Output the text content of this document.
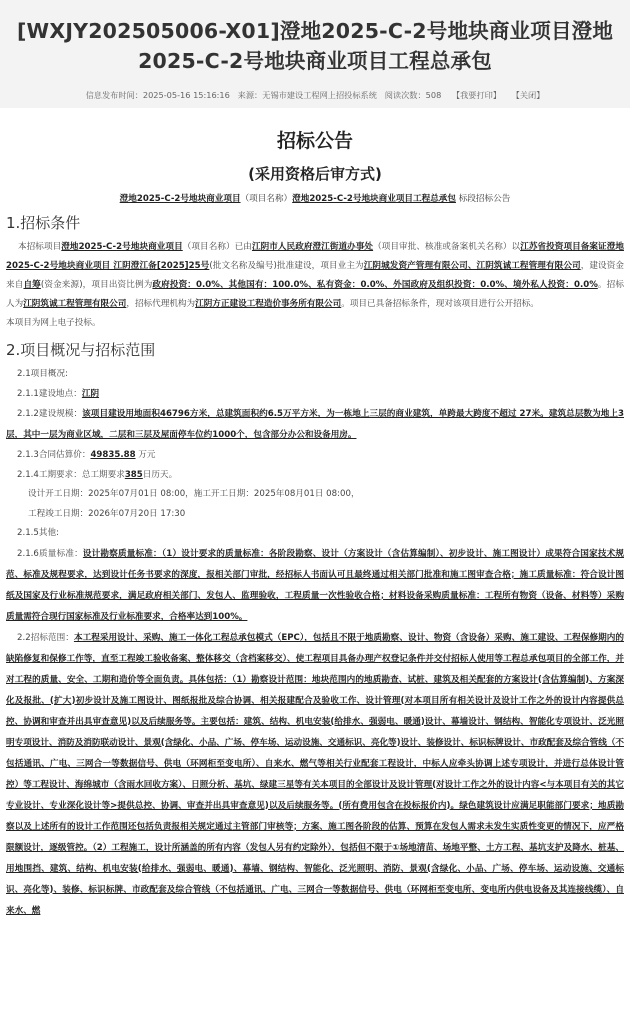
[WXJY202505006-X01]澄地2025-C-2号地块商业项目澄地2025-C-2号地块商业项目工程总承包
信息发布时间：2025-05-16 15:16:16 来源：无锡市建设工程网上招投标系统 阅读次数：508 【我要打印】 【关闭】
招标公告
(采用资格后审方式)
澄地2025-C-2号地块商业项目（项目名称）澄地2025-C-2号地块商业项目工程总承包 标段招标公告
1.招标条件
本招标项目澄地2025-C-2号地块商业项目（项目名称）已由江阴市人民政府澄江街道办事处（项目审批、核准或备案机关名称）以江苏省投资项目备案证澄地2025-C-2号地块商业项目 江阴澄江备[2025]25号(批文名称及编号)批准建设，项目业主为江阴城发资产管理有限公司、江阴筑诚工程管理有限公司，建设资金来自自筹(资金来源)，项目出资比例为政府投资：0.0%、其他国有：100.0%、私有资金：0.0%、外国政府及组织投资：0.0%、境外私人投资：0.0%。招标人为江阴筑诚工程管理有限公司，招标代理机构为江阴方正建设工程造价事务所有限公司。项目已具备招标条件，现对该项目进行公开招标。
本项目为网上电子投标。
2.项目概况与招标范围
2.1项目概况:
2.1.1建设地点：江阴
2.1.2建设规模：该项目建设用地面积46796方米，总建筑面积约6.5万平方米，为一栋地上三层的商业建筑，单跨最大跨度不超过 27米。建筑总层数为地上3层，其中一层为商业区域，二层和三层及屋面停车位约1000个，包含部分办公和设备用房。
2.1.3合同估算价：49835.88 万元
2.1.4工期要求：总工期要求385日历天。
设计开工日期：2025年07月01日 08:00，施工开工日期：2025年08月01日 08:00，
工程竣工日期：2026年07月20日 17:30
2.1.5其他:
2.1.6质量标准：设计勘察质量标准：（1）设计要求的质量标准：各阶段勘察、设计（方案设计（含估算编制）、初步设计、施工图设计）成果符合国家技术规范、标准及规程要求，达到设计任务书要求的深度，报相关部门审批，经招标人书面认可且最终通过相关部门批准和施工图审查合格；施工质量标准：符合设计图纸及国家及行业标准规范要求，满足政府相关部门、发包人、监理验收，工程质量一次性验收合格；材料设备采购质量标准：工程所有物资（设备、材料等）采购质量需符合现行国家标准及行业标准要求，合格率达到100%。
2.2招标范围：本工程采用设计、采购、施工一体化工程总承包模式（EPC），包括且不限于地质勘察、设计、物资（含设备）采购、施工建设、工程保修期内的缺陷修复和保修工作等，直至工程竣工验收备案、整体移交（含档案移交）、使工程项目具备办理产权登记条件并交付招标人使用等工程总承包项目的全部工作，并对工程的质量、安全、工期和造价等全面负责。具体包括：（1）勘察设计范围：地块范围内的地质勘查、试桩、建筑及相关配套的方案设计(含估算编制)、方案深化及报批、(扩大)初步设计及施工图设计、图纸报批及综合协调、相关报建配合及验收工作、设计管理(对本项目所有相关设计及设计工作之外的设计内容提供总控、协调和审查并出具审查意见)以及后续服务等。主要包括：建筑、结构、机电安装(给排水、强弱电、暖通)设计、幕墙设计、钢结构、智能化专项设计、泛光照明专项设计、消防及消防联动设计、景观(含绿化、小品、广场、停车场、运动设施、交通标识、亮化等)设计、装修设计、标识标牌设计、市政配套及综合管线（不包括通讯、广电、三网合一等数据信号、供电（环网柜至变电所）、自来水、燃气等相关行业配套工程设计，中标人应牵头协调上述专项设计，并进行总体设计管控）等工程设计、海绵城市（含雨水回收方案）、日照分析、基坑、绿建三星等有关本项目的全部设计及设计管理(对设计工作之外的设计内容<与本项目有关的其它专业设计、专业深化设计等>提供总控、协调、审查并出具审查意见)以及后续服务等。(所有费用包含在投标报价内)。绿色建筑设计应满足职能部门要求；地质勘察以及上述所有的设计工作范围还包括负责报相关规定通过主管部门审核等；方案、施工图各阶段的估算、预算在发包人需求未发生实质性变更的情况下，应严格限额设计，逐级管控。（2）工程施工，设计所涵盖的所有内容（发包人另有约定除外），包括但不限于①场地清苗、场地平整、土方工程、基坑支护及降水、桩基、用地围挡、建筑、结构、机电安装(给排水、强弱电、暖通)、幕墙、钢结构、智能化、泛光照明、消防、景观(含绿化、小品、广场、停车场、运动设施、交通标识、亮化等)、装修、标识标牌、市政配套及综合管线（不包括通讯、广电、三网合一等数据信号、供电（环网柜至变电所、变电所内供电设备及其连接线缆）、自来水、燃
